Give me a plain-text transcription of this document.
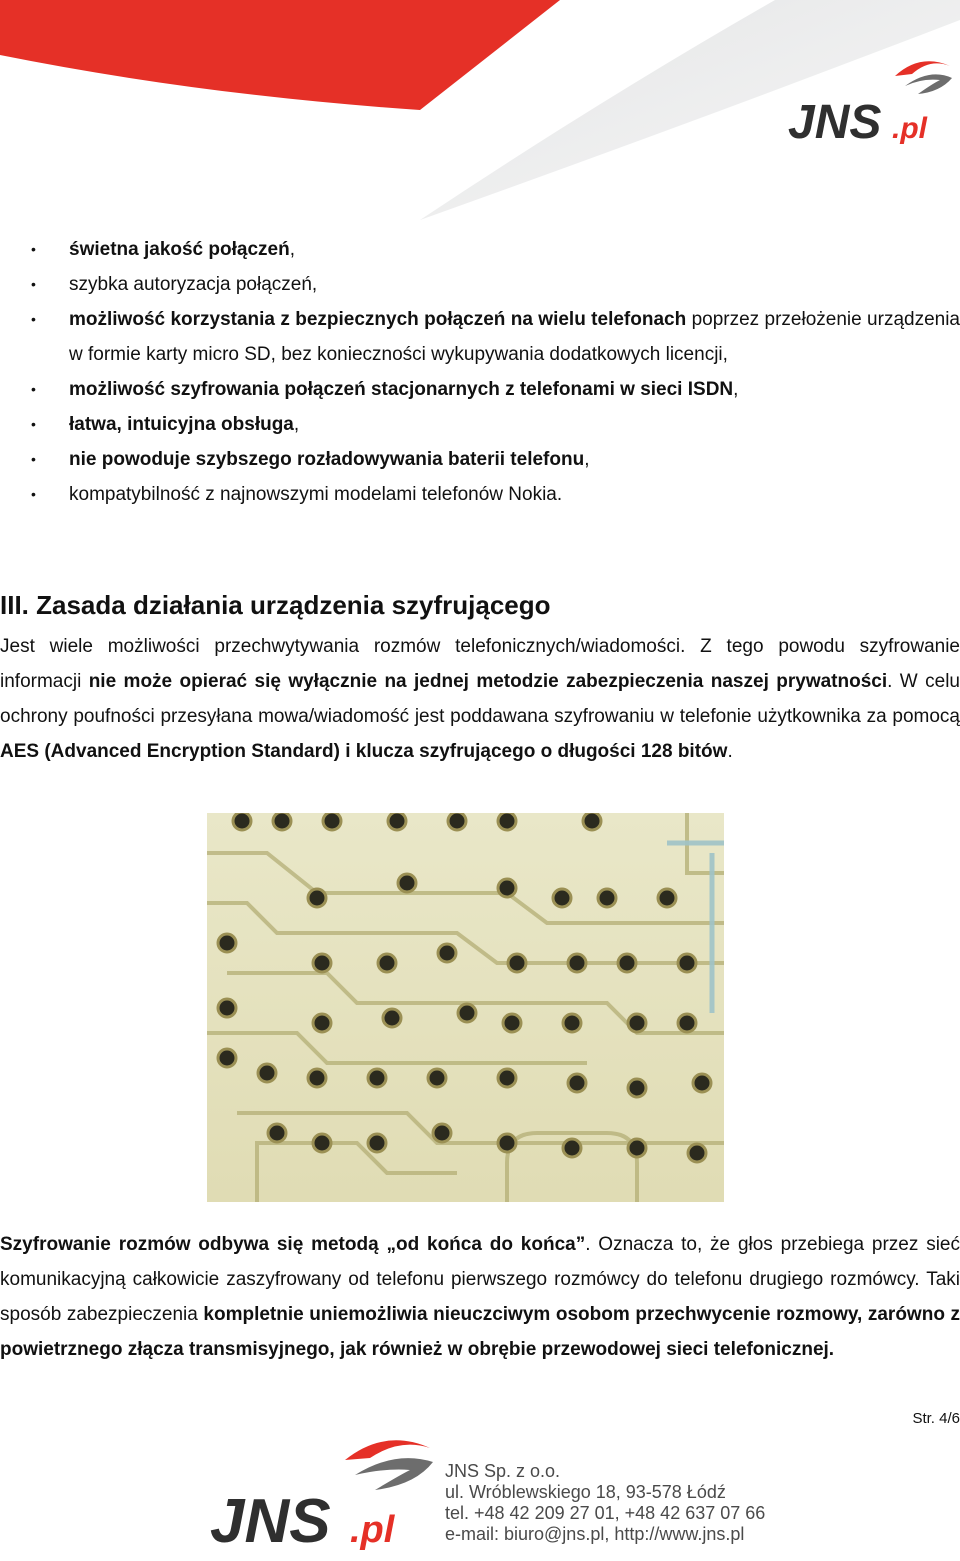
JNS .pl
• świetna jakość połączeń,
• szybka autoryzacja połączeń,
• możliwość korzystania z bezpiecznych połączeń na wielu telefonach poprzez przełożenie urządzenia w formie karty micro SD, bez konieczności wykupywania dodatkowych licencji,
• możliwość szyfrowania połączeń stacjonarnych z telefonami w sieci ISDN,
• łatwa, intuicyjna obsługa,
• nie powoduje szybszego rozładowywania baterii telefonu,
• kompatybilność z najnowszymi modelami telefonów Nokia.
III. Zasada działania urządzenia szyfrującego

Jest wiele możliwości przechwytywania rozmów telefonicznych/wiadomości. Z tego powodu szyfrowanie informacji nie może opierać się wyłącznie na jednej metodzie zabezpieczenia naszej prywatności. W celu ochrony poufności przesyłana mowa/wiadomość jest poddawana szyfrowaniu w telefonie użytkownika za pomocą AES (Advanced Encryption Standard) i klucza szyfrującego o długości 128 bitów.

Szyfrowanie rozmów odbywa się metodą „od końca do końca”. Oznacza to, że głos przebiega przez sieć komunikacyjną całkowicie zaszyfrowany od telefonu pierwszego rozmówcy do telefonu drugiego rozmówcy. Taki sposób zabezpieczenia kompletnie uniemożliwia nieuczciwym osobom przechwycenie rozmowy, zarówno z powietrznego złącza transmisyjnego, jak również w obrębie przewodowej sieci telefonicznej.

Str. 4/6
JNS .pl
JNS Sp. z o.o.
ul. Wróblewskiego 18, 93-578 Łódź
tel. +48 42 209 27 01, +48 42 637 07 66
e-mail: biuro@jns.pl, http://www.jns.pl
